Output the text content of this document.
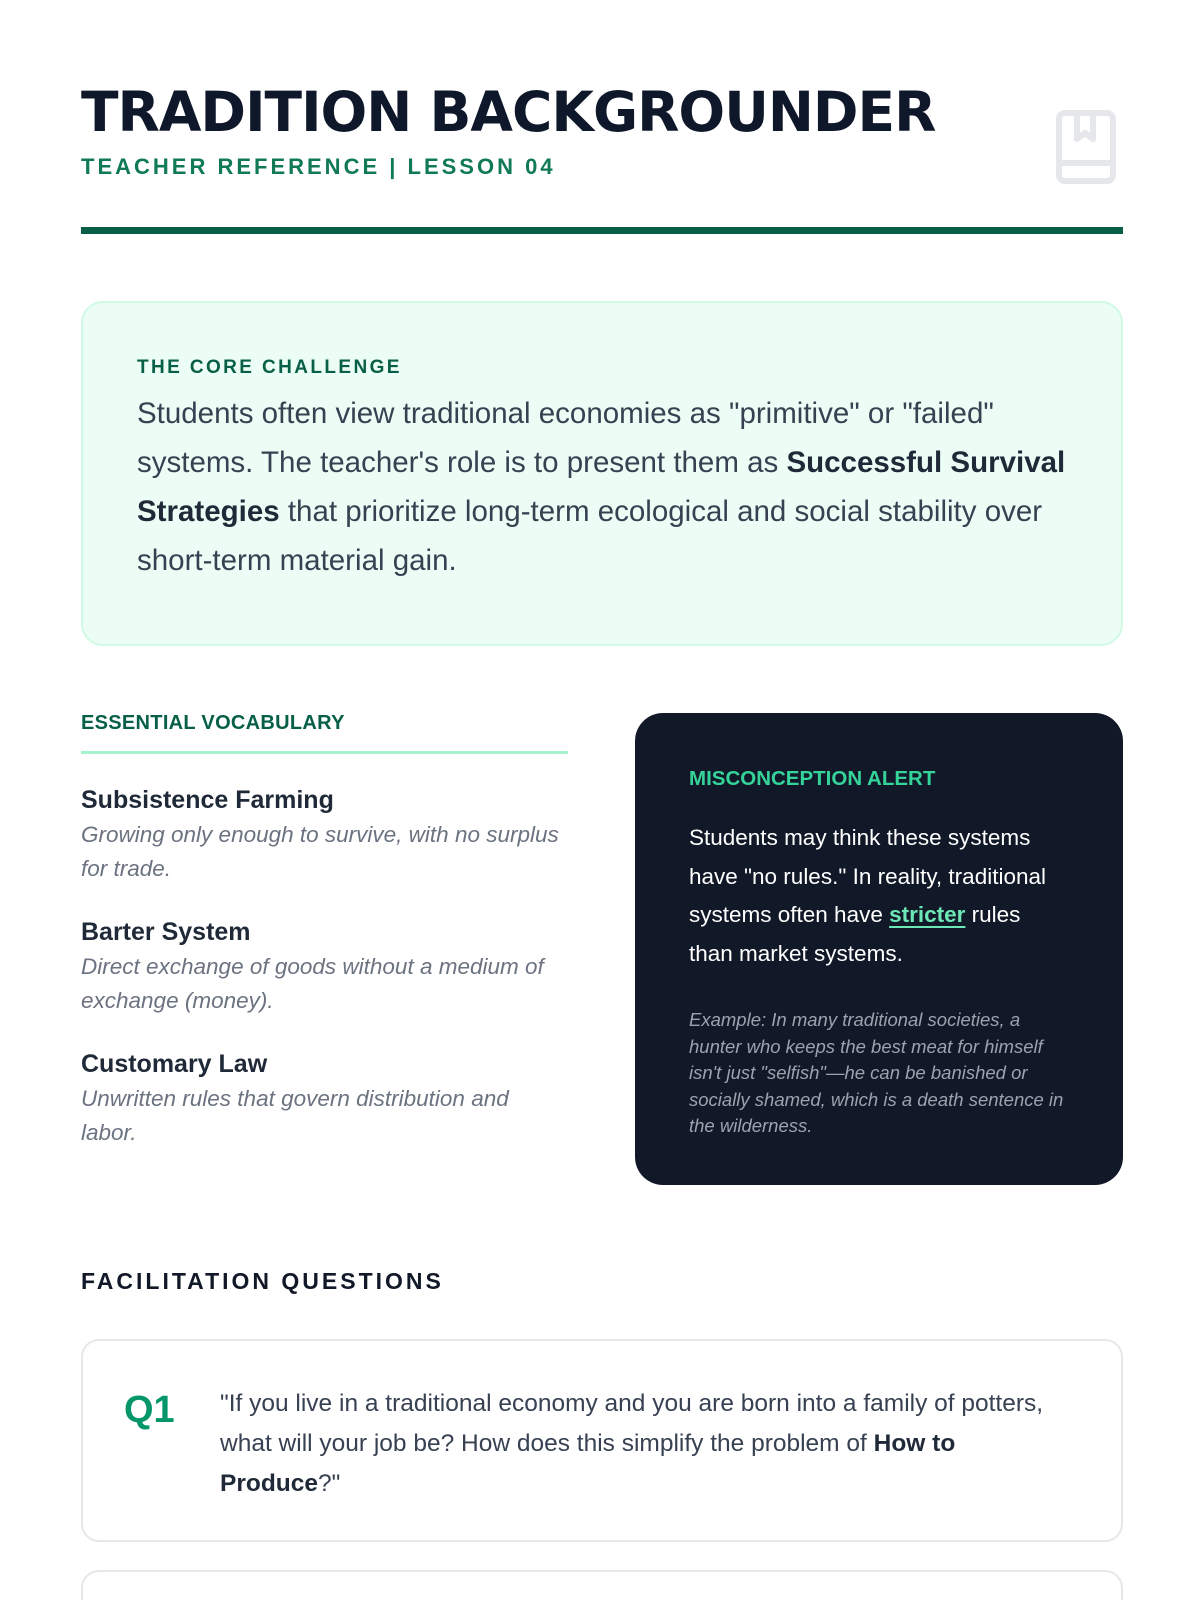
TRADITION BACKGROUNDER
TEACHER REFERENCE | LESSON 04
THE CORE CHALLENGE
Students often view traditional economies as "primitive" or "failed" systems. The teacher's role is to present them as Successful Survival Strategies that prioritize long-term ecological and social stability over short-term material gain.
ESSENTIAL VOCABULARY
Subsistence Farming
Growing only enough to survive, with no surplus for trade.
Barter System
Direct exchange of goods without a medium of exchange (money).
Customary Law
Unwritten rules that govern distribution and labor.
MISCONCEPTION ALERT
Students may think these systems have "no rules." In reality, traditional systems often have stricter rules than market systems.
Example: In many traditional societies, a hunter who keeps the best meat for himself isn't just "selfish"—he can be banished or socially shamed, which is a death sentence in the wilderness.
FACILITATION QUESTIONS
Q1 "If you live in a traditional economy and you are born into a family of potters, what will your job be? How does this simplify the problem of How to Produce?"
